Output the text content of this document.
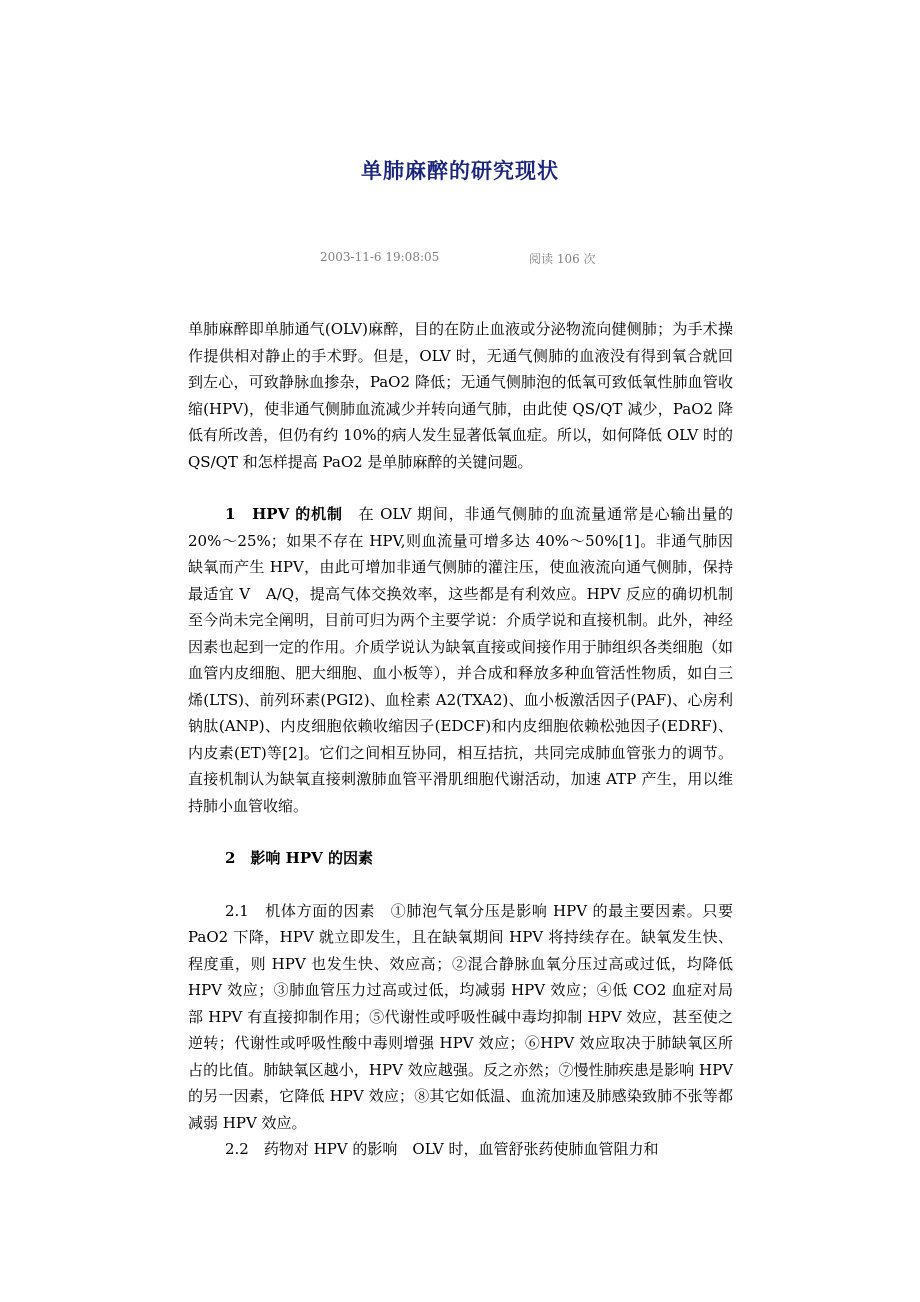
单肺麻醉的研究现状
2003-11-6 19:08:05	阅读 106 次

单肺麻醉即单肺通气(OLV)麻醉，目的在防止血液或分泌物流向健侧肺；为手术操作提供相对静止的手术野。但是，OLV 时，无通气侧肺的血液没有得到氧合就回到左心，可致静脉血掺杂，PaO2 降低；无通气侧肺泡的低氧可致低氧性肺血管收缩(HPV)，使非通气侧肺血流减少并转向通气肺，由此使 QS/QT 减少，PaO2 降低有所改善，但仍有约 10%的病人发生显著低氧血症。所以，如何降低 OLV 时的 QS/QT 和怎样提高 PaO2 是单肺麻醉的关键问题。

1　HPV 的机制　在 OLV 期间，非通气侧肺的血流量通常是心输出量的 20%～25%；如果不存在 HPV,则血流量可增多达 40%～50%[1]。非通气肺因缺氧而产生 HPV，由此可增加非通气侧肺的灌注压，使血液流向通气侧肺，保持最适宜 V　A/Q，提高气体交换效率，这些都是有利效应。HPV 反应的确切机制至今尚未完全阐明，目前可归为两个主要学说：介质学说和直接机制。此外，神经因素也起到一定的作用。介质学说认为缺氧直接或间接作用于肺组织各类细胞（如血管内皮细胞、肥大细胞、血小板等），并合成和释放多种血管活性物质，如白三烯(LTS)、前列环素(PGI2)、血栓素 A2(TXA2)、血小板激活因子(PAF)、心房利钠肽(ANP)、内皮细胞依赖收缩因子(EDCF)和内皮细胞依赖松弛因子(EDRF)、内皮素(ET)等[2]。它们之间相互协同，相互拮抗，共同完成肺血管张力的调节。直接机制认为缺氧直接刺激肺血管平滑肌细胞代谢活动，加速 ATP 产生，用以维持肺小血管收缩。

2　影响 HPV 的因素

2.1　机体方面的因素　①肺泡气氧分压是影响 HPV 的最主要因素。只要 PaO2 下降，HPV 就立即发生，且在缺氧期间 HPV 将持续存在。缺氧发生快、程度重，则 HPV 也发生快、效应高；②混合静脉血氧分压过高或过低，均降低 HPV 效应；③肺血管压力过高或过低，均减弱 HPV 效应；④低 CO2 血症对局部 HPV 有直接抑制作用；⑤代谢性或呼吸性碱中毒均抑制 HPV 效应，甚至使之逆转；代谢性或呼吸性酸中毒则增强 HPV 效应；⑥HPV 效应取决于肺缺氧区所占的比值。肺缺氧区越小，HPV 效应越强。反之亦然；⑦慢性肺疾患是影响 HPV 的另一因素，它降低 HPV 效应；⑧其它如低温、血流加速及肺感染致肺不张等都减弱 HPV 效应。

2.2　药物对 HPV 的影响　OLV 时，血管舒张药使肺血管阻力和
